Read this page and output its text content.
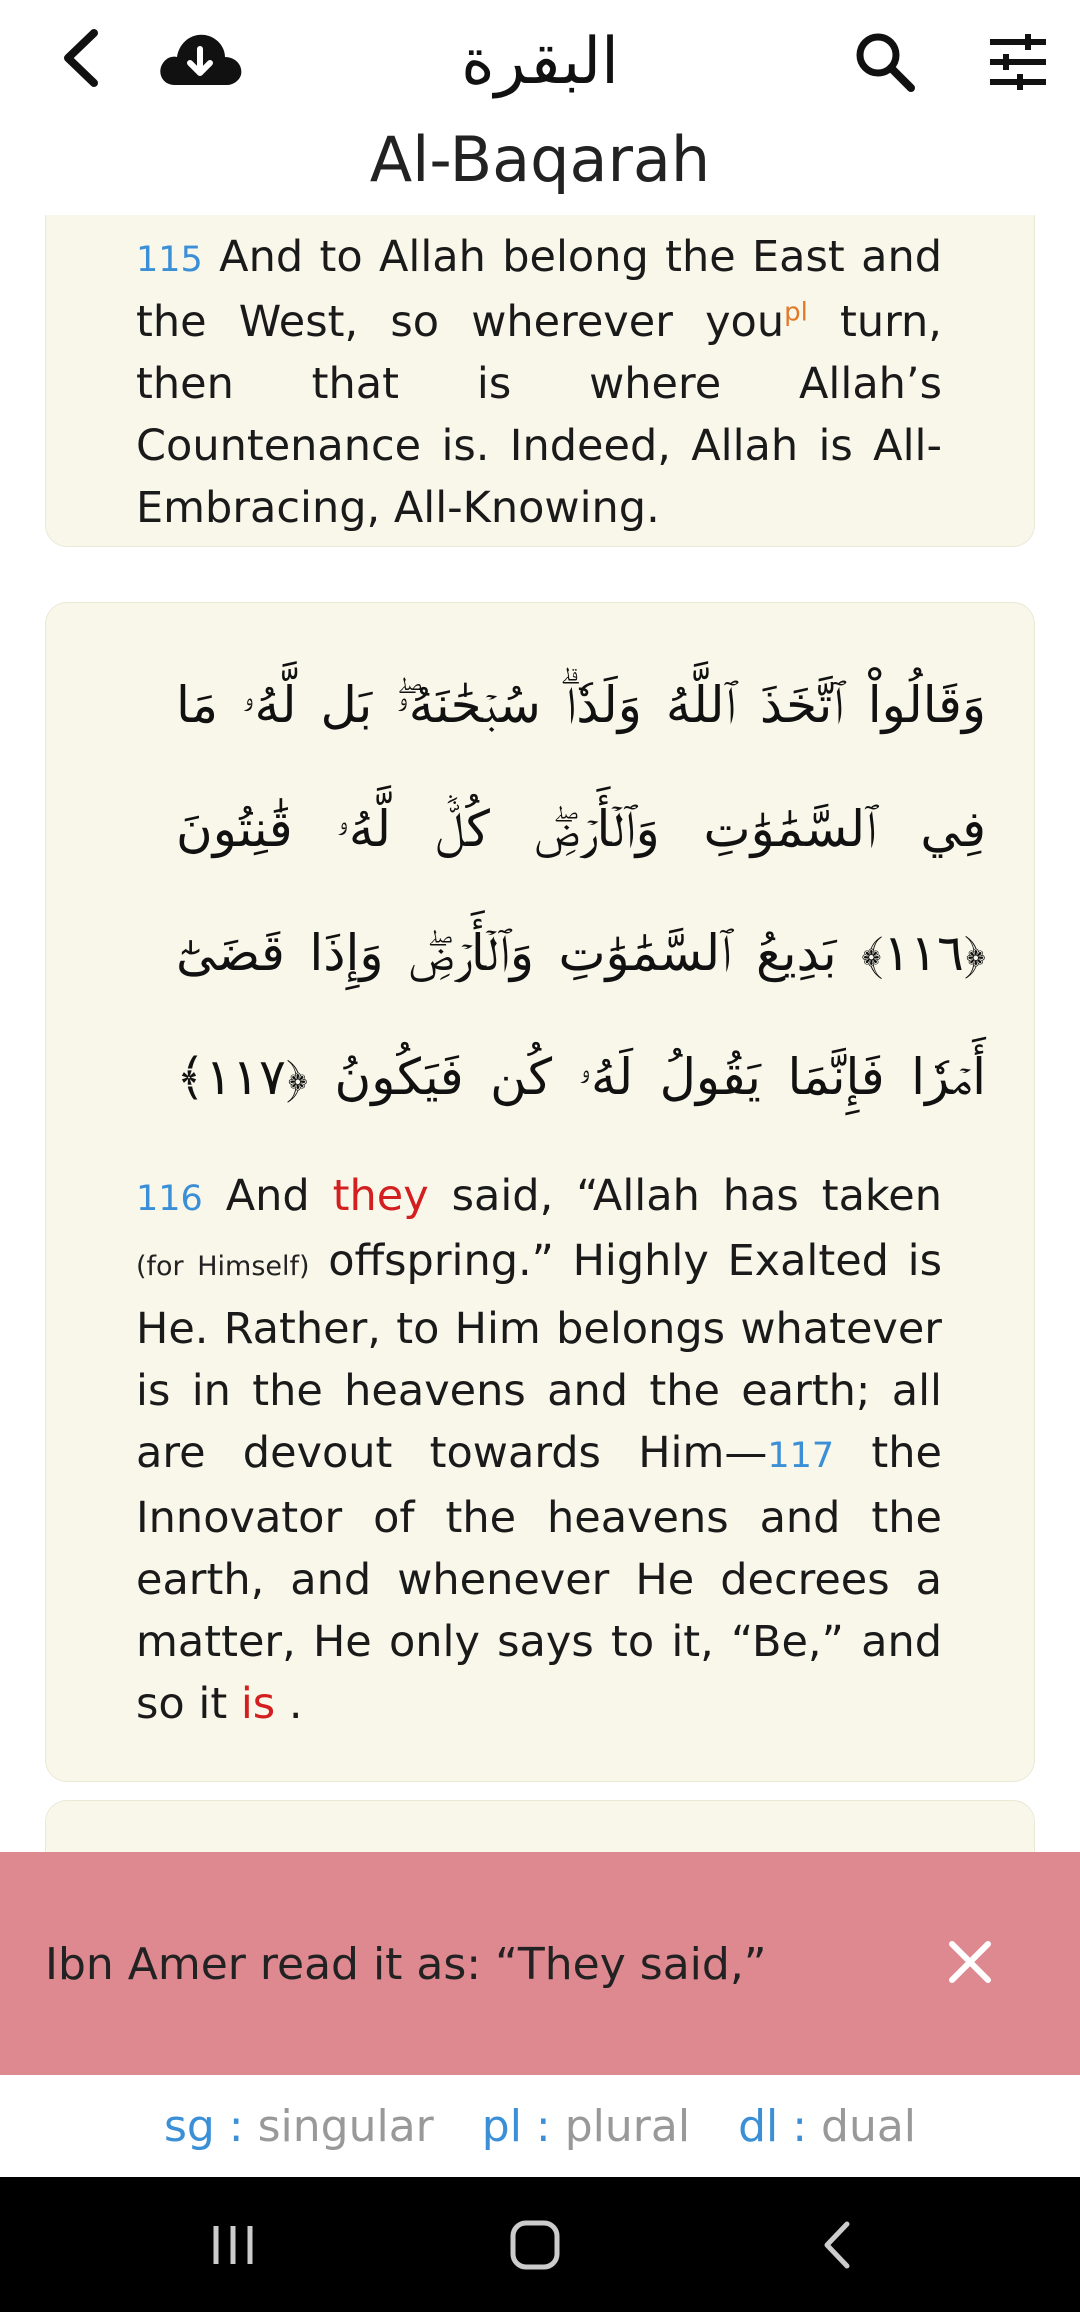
البقرة
Al-Baqarah
115 And to Allah belong the East and the West, so wherever you$^{pl}$ turn, then that is where Allah’s Countenance is. Indeed, Allah is All-Embracing, All-Knowing.
وَقَالُواْ ٱتَّخَذَ ٱللَّهُ وَلَدٗاۗ سُبۡحَٰنَهُۥۖ بَل لَّهُۥ مَا فِي ٱلسَّمَٰوَٰتِ وَٱلۡأَرۡضِۖ كُلّٞ لَّهُۥ قَٰنِتُونَ ﴿١١٦﴾ بَدِيعُ ٱلسَّمَٰوَٰتِ وَٱلۡأَرۡضِۖ وَإِذَا قَضَىٰٓ أَمۡرٗا فَإِنَّمَا يَقُولُ لَهُۥ كُن فَيَكُونُ ﴿١١٧﴾
116 And they said, “Allah has taken (for Himself) offspring.” Highly Exalted is He. Rather, to Him belongs whatever is in the heavens and the earth; all are devout towards Him—117 the Innovator of the heavens and the earth, and whenever He decrees a matter, He only says to it, “Be,” and so it is .
Ibn Amer read it as: “They said,”
sg : singular pl : plural dl : dual
